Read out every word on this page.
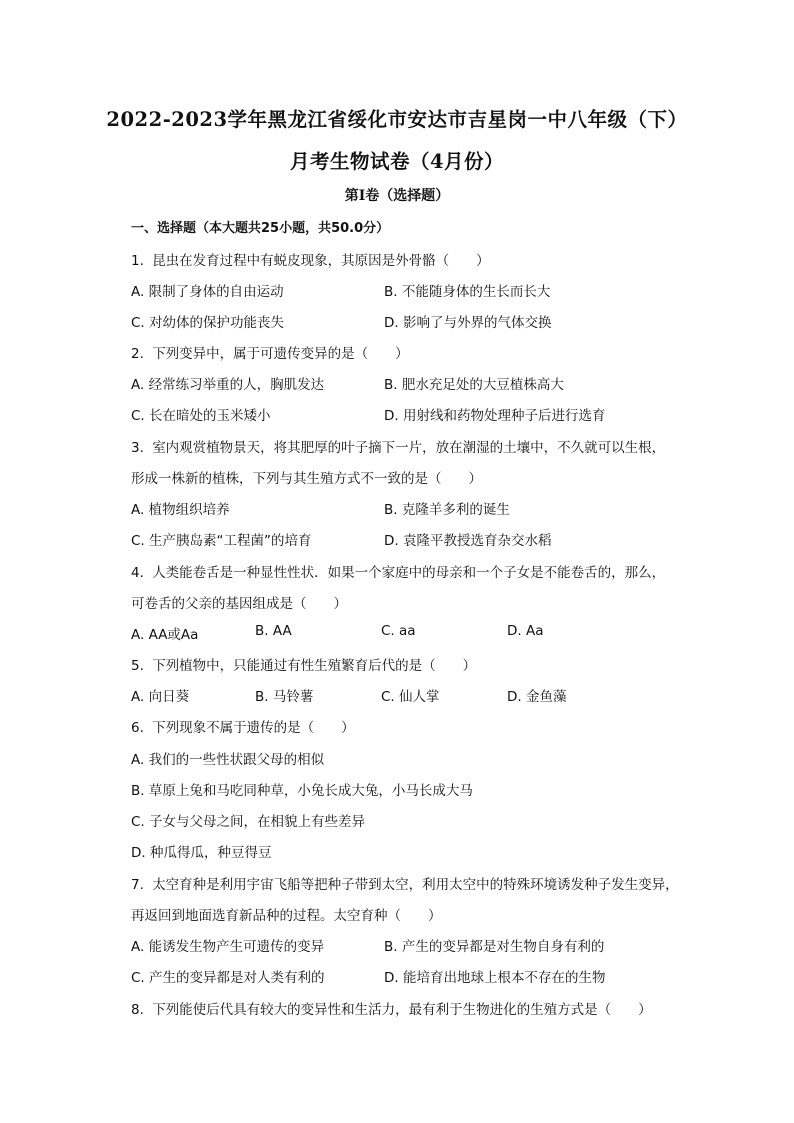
2022-2023学年黑龙江省绥化市安达市吉星岗一中八年级（下）
月考生物试卷（4月份）
第I卷（选择题）
一、选择题（本大题共25小题，共50.0分）
1. 昆虫在发育过程中有蜕皮现象，其原因是外骨骼（　　）
A. 限制了身体的自由运动	B. 不能随身体的生长而长大
C. 对幼体的保护功能丧失	D. 影响了与外界的气体交换
2. 下列变异中，属于可遗传变异的是（　　）
A. 经常练习举重的人，胸肌发达	B. 肥水充足处的大豆植株高大
C. 长在暗处的玉米矮小	D. 用射线和药物处理种子后进行选育
3. 室内观赏植物景天，将其肥厚的叶子摘下一片，放在潮湿的土壤中，不久就可以生根，
形成一株新的植株，下列与其生殖方式不一致的是（　　）
A. 植物组织培养	B. 克隆羊多利的诞生
C. 生产胰岛素“工程菌”的培育	D. 袁隆平教授选育杂交水稻
4. 人类能卷舌是一种显性性状．如果一个家庭中的母亲和一个子女是不能卷舌的，那么，
可卷舌的父亲的基因组成是（　　）
A. AA或Aa	B. AA	C. aa	D. Aa
5. 下列植物中，只能通过有性生殖繁育后代的是（　　）
A. 向日葵	B. 马铃薯	C. 仙人掌	D. 金鱼藻
6. 下列现象不属于遗传的是（　　）
A. 我们的一些性状跟父母的相似
B. 草原上兔和马吃同种草，小兔长成大兔，小马长成大马
C. 子女与父母之间，在相貌上有些差异
D. 种瓜得瓜，种豆得豆
7. 太空育种是利用宇宙飞船等把种子带到太空，利用太空中的特殊环境诱发种子发生变异，
再返回到地面选育新品种的过程。太空育种（　　）
A. 能诱发生物产生可遗传的变异	B. 产生的变异都是对生物自身有利的
C. 产生的变异都是对人类有利的	D. 能培育出地球上根本不存在的生物
8. 下列能使后代具有较大的变异性和生活力，最有利于生物进化的生殖方式是（　　）
